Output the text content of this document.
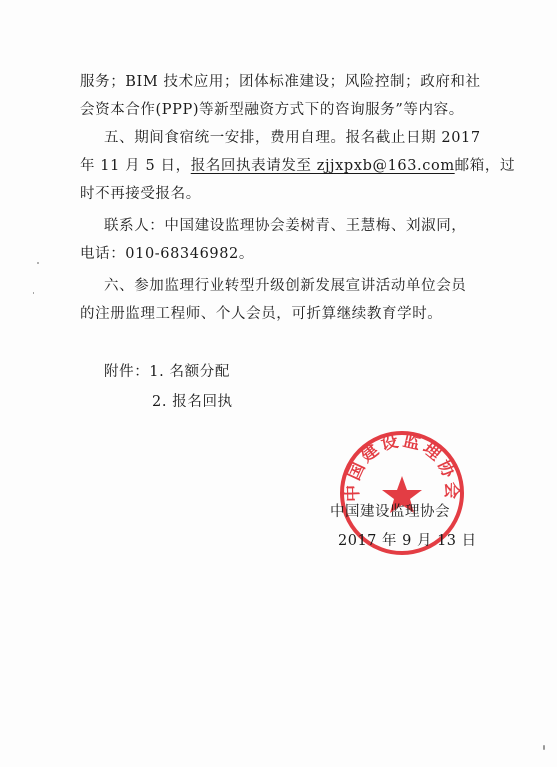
服务；BIM 技术应用；团体标准建设；风险控制；政府和社
会资本合作(PPP)等新型融资方式下的咨询服务”等内容。
五、期间食宿统一安排，费用自理。报名截止日期 2017
年 11 月 5 日，报名回执表请发至 zjjxpxb@163.com邮箱，过
时不再接受报名。
联系人：中国建设监理协会姜树青、王慧梅、刘淑同，
电话：010-68346982。
六、参加监理行业转型升级创新发展宣讲活动单位会员
的注册监理工程师、个人会员，可折算继续教育学时。
附件：1. 名额分配
2. 报名回执
中国建设监理协会
中国建设监理协会
2017 年 9 月 13 日
